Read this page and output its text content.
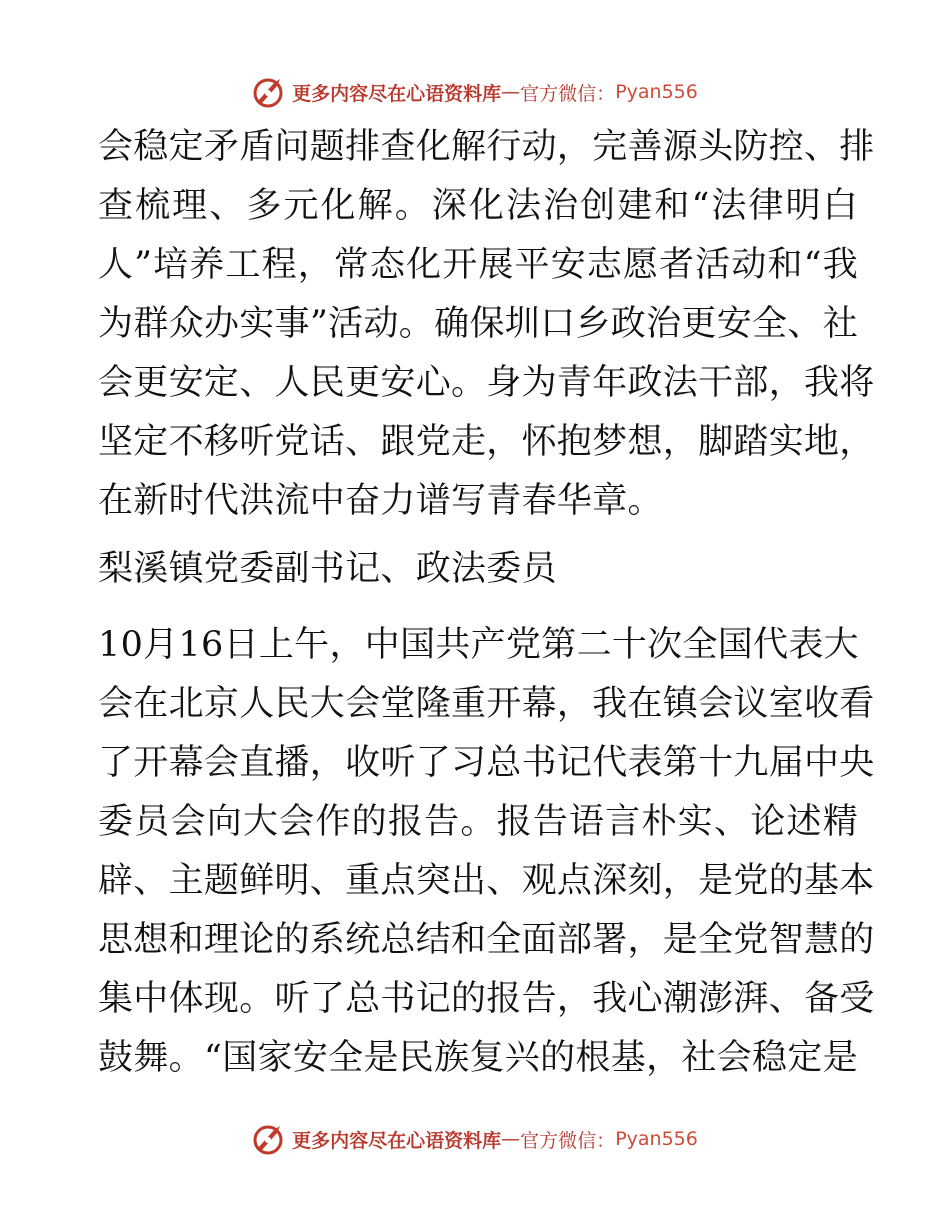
更多内容尽在心语资料库 — 官方微信： Pyan556
会稳定矛盾问题排查化解行动，完善源头防控、排
查梳理、多元化解。深化法治创建和“法律明白
人”培养工程，常态化开展平安志愿者活动和“我
为群众办实事”活动。确保圳口乡政治更安全、社
会更安定、人民更安心。身为青年政法干部，我将
坚定不移听党话、跟党走，怀抱梦想，脚踏实地，
在新时代洪流中奋力谱写青春华章。
梨溪镇党委副书记、政法委员
10月16日上午，中国共产党第二十次全国代表大
会在北京人民大会堂隆重开幕，我在镇会议室收看
了开幕会直播，收听了习总书记代表第十九届中央
委员会向大会作的报告。报告语言朴实、论述精
辟、主题鲜明、重点突出、观点深刻，是党的基本
思想和理论的系统总结和全面部署，是全党智慧的
集中体现。听了总书记的报告，我心潮澎湃、备受
鼓舞。“国家安全是民族复兴的根基，社会稳定是
更多内容尽在心语资料库 — 官方微信： Pyan556
